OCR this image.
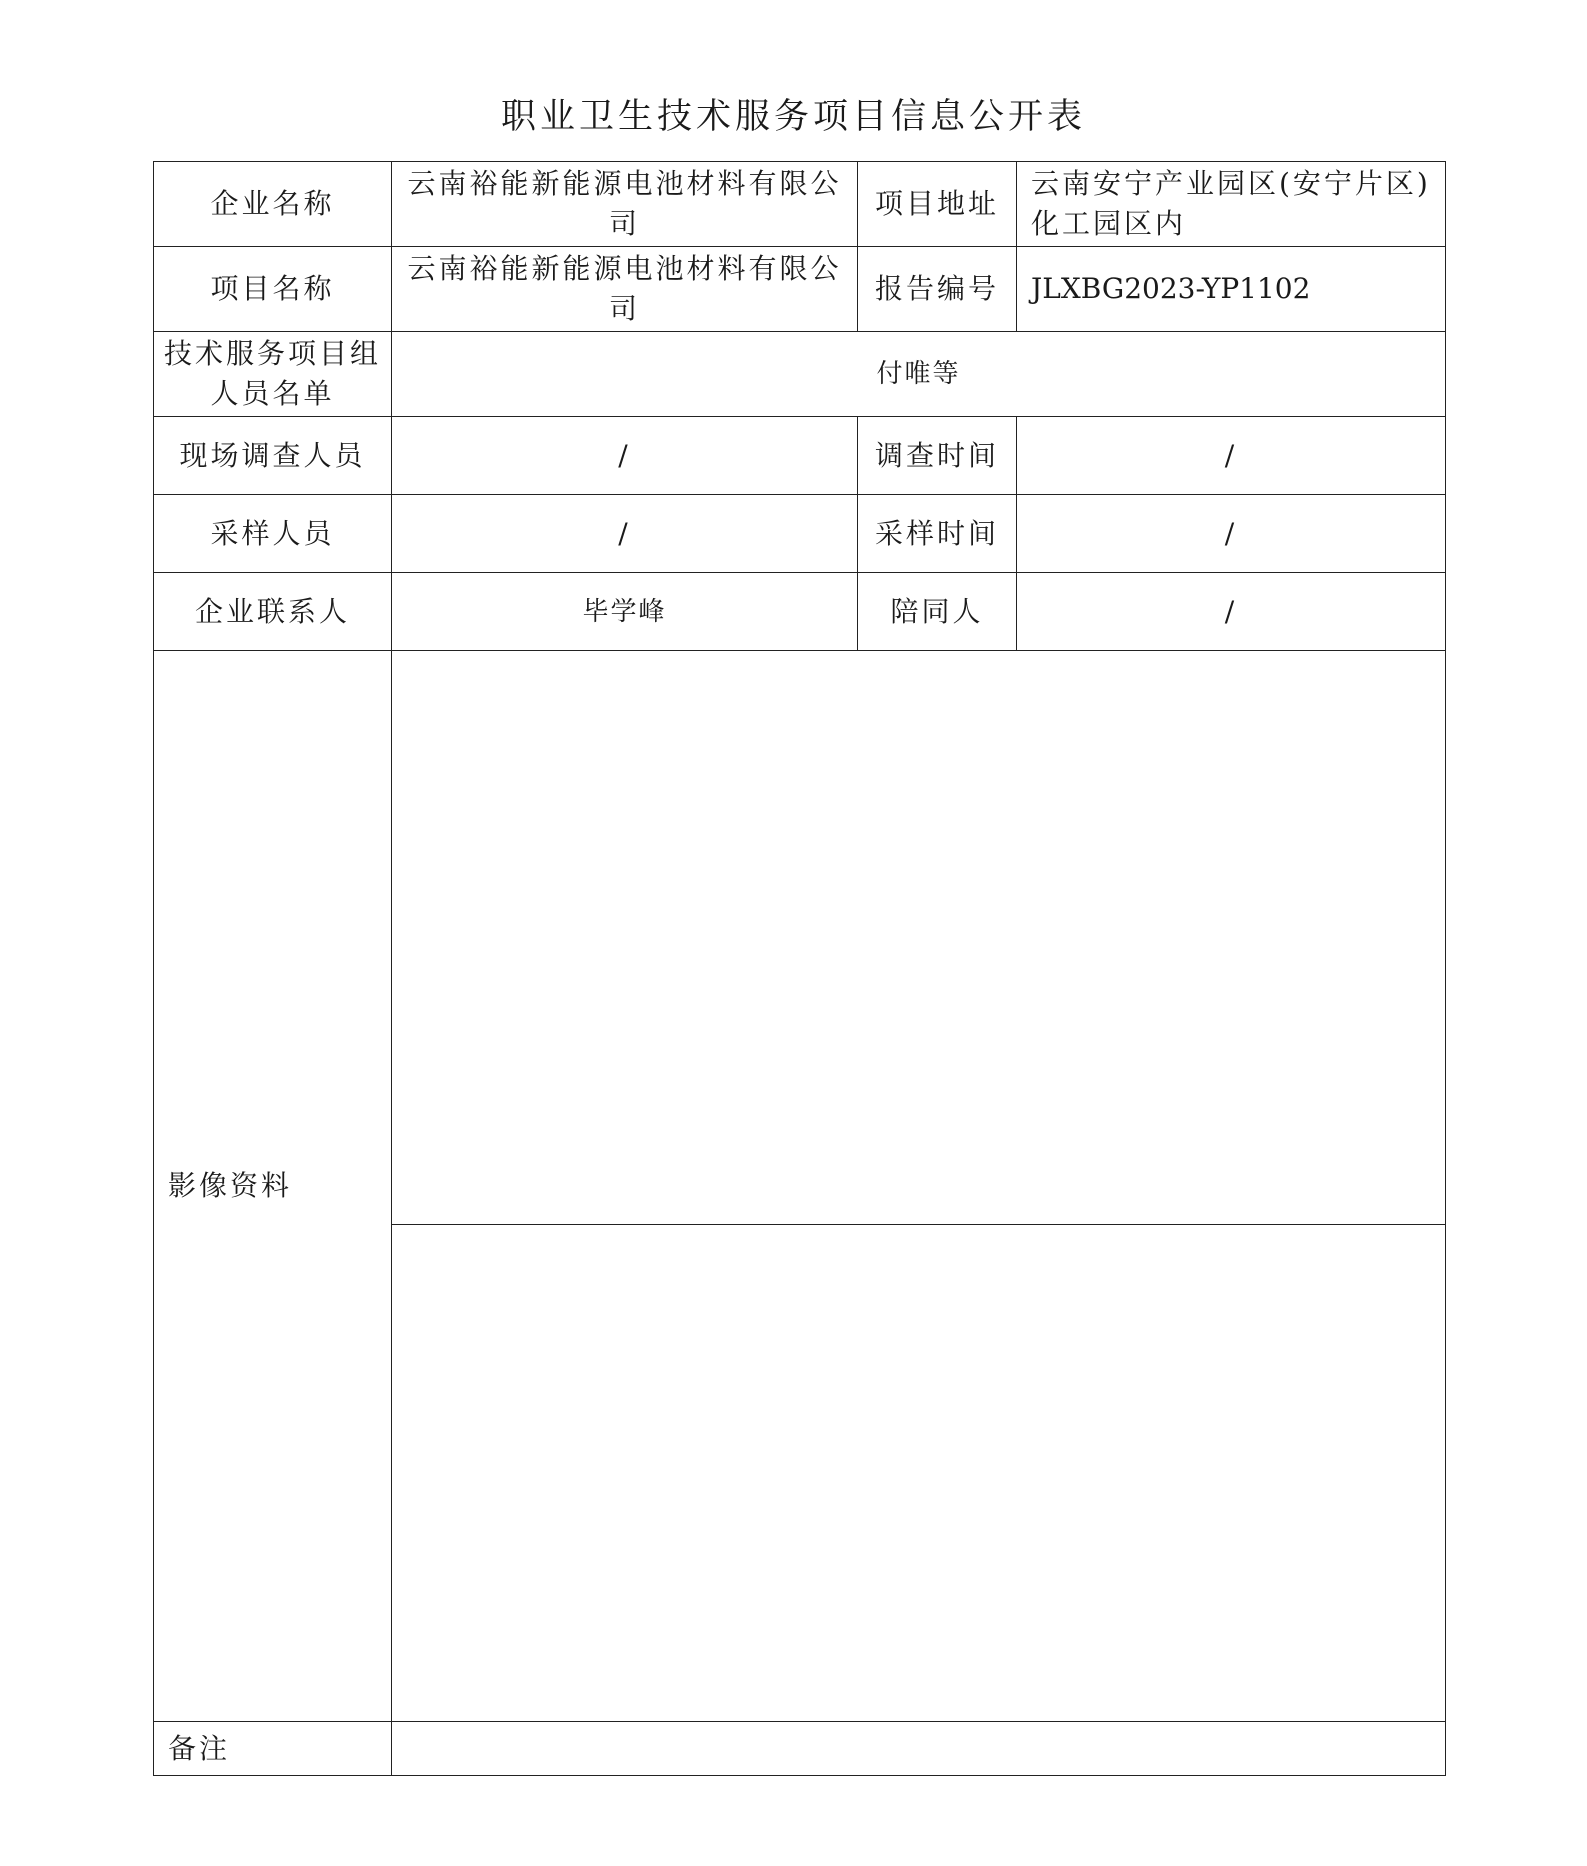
职业卫生技术服务项目信息公开表
企业名称	云南裕能新能源电池材料有限公司	项目地址	云南安宁产业园区(安宁片区)化工园区内
项目名称	云南裕能新能源电池材料有限公司	报告编号	JLXBG2023-YP1102
技术服务项目组人员名单	付唯等		
现场调查人员	/	调查时间	/
采样人员	/	采样时间	/
企业联系人	毕学峰	陪同人	/
影像资料			

备注			
